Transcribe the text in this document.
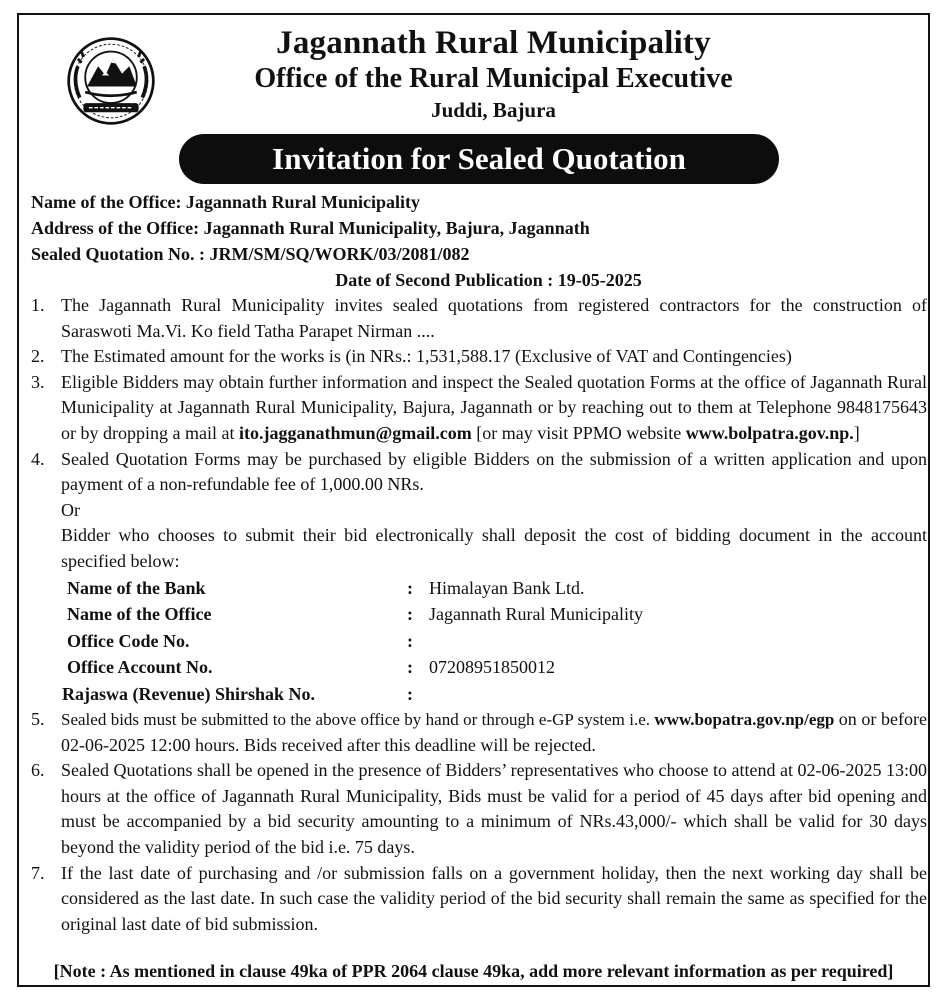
Jagannath Rural Municipality
Office of the Rural Municipal Executive
Juddi, Bajura
Invitation for Sealed Quotation
Name of the Office: Jagannath Rural Municipality
Address of the Office: Jagannath Rural Municipality, Bajura, Jagannath
Sealed Quotation No. : JRM/SM/SQ/WORK/03/2081/082
Date of Second Publication : 19-05-2025
1. The Jagannath Rural Municipality invites sealed quotations from registered contractors for the construction of Saraswoti Ma.Vi. Ko field Tatha Parapet Nirman ....
2. The Estimated amount for the works is (in NRs.: 1,531,588.17 (Exclusive of VAT and Contingencies)
3. Eligible Bidders may obtain further information and inspect the Sealed quotation Forms at the office of Jagannath Rural Municipality at Jagannath Rural Municipality, Bajura, Jagannath or by reaching out to them at Telephone 9848175643 or by dropping a mail at ito.jagganathmun@gmail.com [or may visit PPMO website www.bolpatra.gov.np.]
4. Sealed Quotation Forms may be purchased by eligible Bidders on the submission of a written application and upon payment of a non-refundable fee of 1,000.00 NRs.
Or
Bidder who chooses to submit their bid electronically shall deposit the cost of bidding document in the account specified below:
Name of the Bank	: Himalayan Bank Ltd.
Name of the Office	: Jagannath Rural Municipality
Office Code No.	:
Office Account No.	: 07208951850012
Rajaswa (Revenue) Shirshak No.	:
5. Sealed bids must be submitted to the above office by hand or through e-GP system i.e. www.bopatra.gov.np/egp on or before 02-06-2025 12:00 hours. Bids received after this deadline will be rejected.
6. Sealed Quotations shall be opened in the presence of Bidders’ representatives who choose to attend at 02-06-2025 13:00 hours at the office of Jagannath Rural Municipality, Bids must be valid for a period of 45 days after bid opening and must be accompanied by a bid security amounting to a minimum of NRs.43,000/- which shall be valid for 30 days beyond the validity period of the bid i.e. 75 days.
7. If the last date of purchasing and /or submission falls on a government holiday, then the next working day shall be considered as the last date. In such case the validity period of the bid security shall remain the same as specified for the original last date of bid submission.
[Note : As mentioned in clause 49ka of PPR 2064 clause 49ka, add more relevant information as per required]
